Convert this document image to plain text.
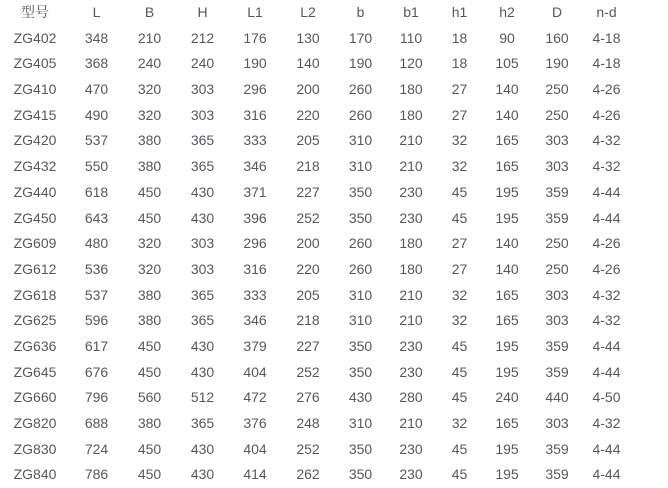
型号	L	B	H	L1	L2	b	b1	h1	h2	D	n-d
ZG402	348	210	212	176	130	170	110	18	90	160	4-18
ZG405	368	240	240	190	140	190	120	18	105	190	4-18
ZG410	470	320	303	296	200	260	180	27	140	250	4-26
ZG415	490	320	303	316	220	260	180	27	140	250	4-26
ZG420	537	380	365	333	205	310	210	32	165	303	4-32
ZG432	550	380	365	346	218	310	210	32	165	303	4-32
ZG440	618	450	430	371	227	350	230	45	195	359	4-44
ZG450	643	450	430	396	252	350	230	45	195	359	4-44
ZG609	480	320	303	296	200	260	180	27	140	250	4-26
ZG612	536	320	303	316	220	260	180	27	140	250	4-26
ZG618	537	380	365	333	205	310	210	32	165	303	4-32
ZG625	596	380	365	346	218	310	210	32	165	303	4-32
ZG636	617	450	430	379	227	350	230	45	195	359	4-44
ZG645	676	450	430	404	252	350	230	45	195	359	4-44
ZG660	796	560	512	472	276	430	280	45	240	440	4-50
ZG820	688	380	365	376	248	310	210	32	165	303	4-32
ZG830	724	450	430	404	252	350	230	45	195	359	4-44
ZG840	786	450	430	414	262	350	230	45	195	359	4-44
